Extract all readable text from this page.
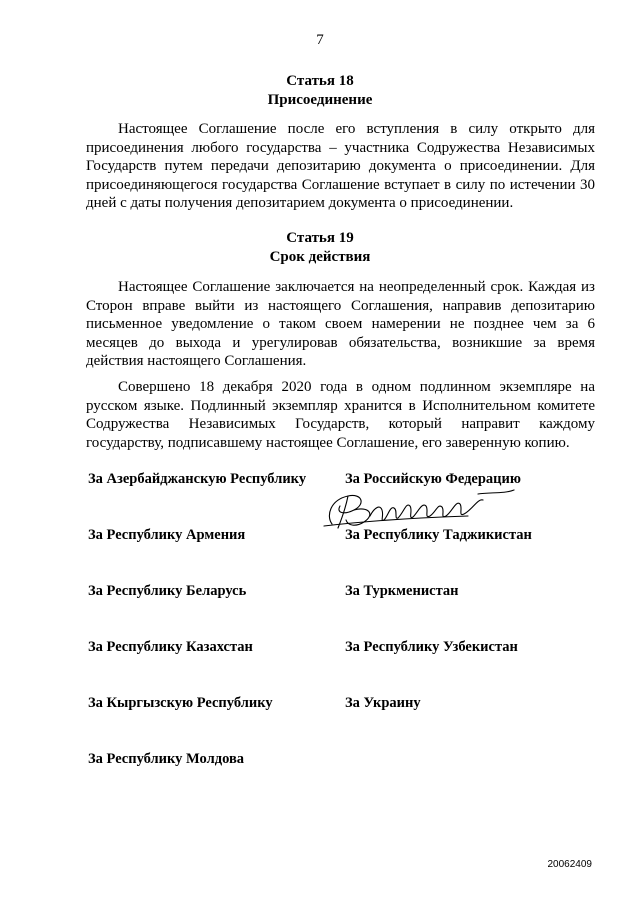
7
Статья 18
Присоединение

Настоящее Соглашение после его вступления в силу открыто для присоединения любого государства – участника Содружества Независимых Государств путем передачи депозитарию документа о присоединении. Для присоединяющегося государства Соглашение вступает в силу по истечении 30 дней с даты получения депозитарием документа о присоединении.

Статья 19
Срок действия

Настоящее Соглашение заключается на неопределенный срок. Каждая из Сторон вправе выйти из настоящего Соглашения, направив депозитарию письменное уведомление о таком своем намерении не позднее чем за 6 месяцев до выхода и урегулировав обязательства, возникшие за время действия настоящего Соглашения.

Совершено 18 декабря 2020 года в одном подлинном экземпляре на русском языке. Подлинный экземпляр хранится в Исполнительном комитете Содружества Независимых Государств, который направит каждому государству, подписавшему настоящее Соглашение, его заверенную копию.

За Азербайджанскую Республику
За Республику Армения
За Республику Беларусь
За Республику Казахстан
За Кыргызскую Республику
За Республику Молдова
За Российскую Федерацию
За Республику Таджикистан
За Туркменистан
За Республику Узбекистан
За Украину
20062409
